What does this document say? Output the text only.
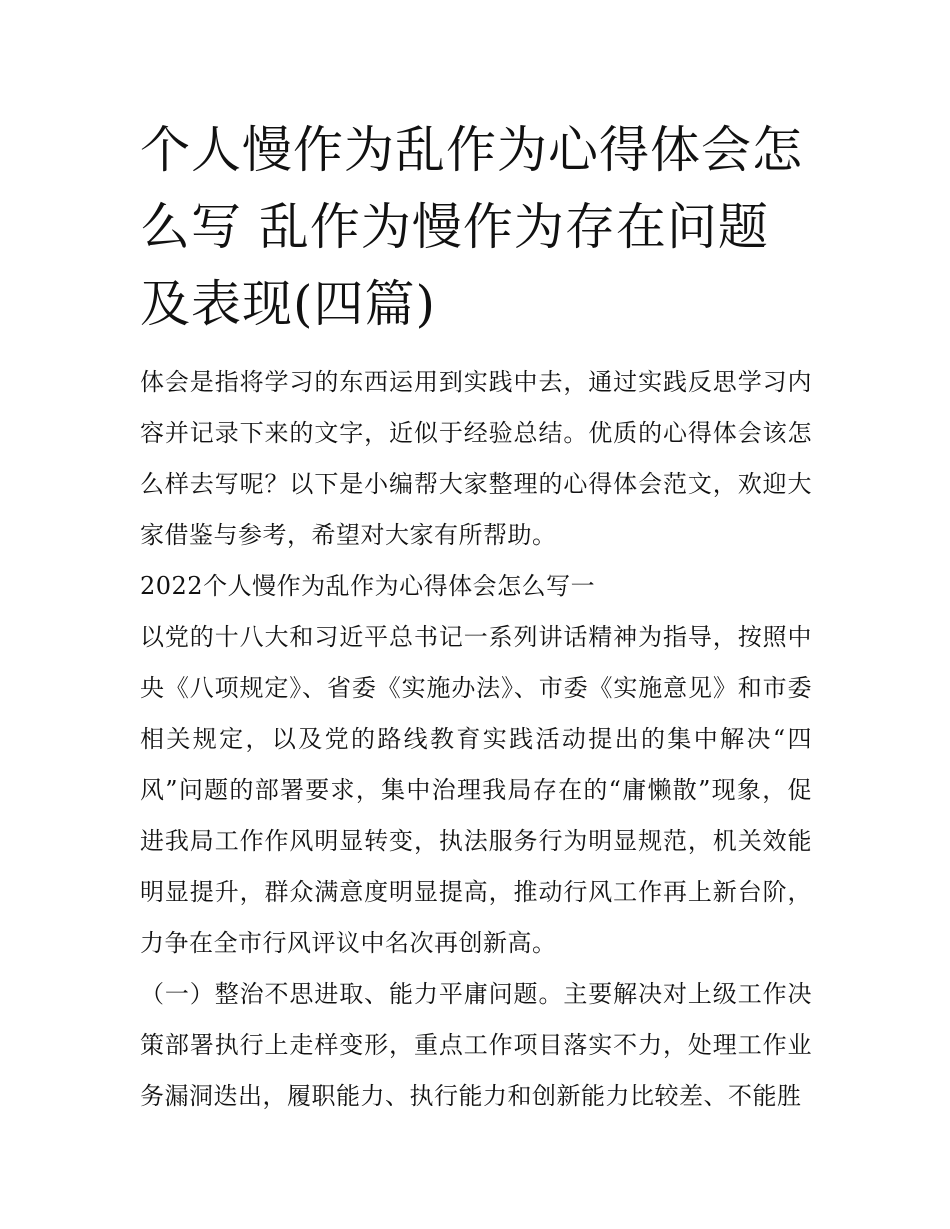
个人慢作为乱作为心得体会怎么写 乱作为慢作为存在问题及表现(四篇)

体会是指将学习的东西运用到实践中去，通过实践反思学习内容并记录下来的文字，近似于经验总结。优质的心得体会该怎么样去写呢？以下是小编帮大家整理的心得体会范文，欢迎大家借鉴与参考，希望对大家有所帮助。

2022个人慢作为乱作为心得体会怎么写一

以党的十八大和习近平总书记一系列讲话精神为指导，按照中央《八项规定》、省委《实施办法》、市委《实施意见》和市委相关规定，以及党的路线教育实践活动提出的集中解决“四风”问题的部署要求，集中治理我局存在的“庸懒散”现象，促进我局工作作风明显转变，执法服务行为明显规范，机关效能明显提升，群众满意度明显提高，推动行风工作再上新台阶，力争在全市行风评议中名次再创新高。

（一）整治不思进取、能力平庸问题。主要解决对上级工作决策部署执行上走样变形，重点工作项目落实不力，处理工作业务漏洞迭出，履职能力、执行能力和创新能力比较差、不能胜
